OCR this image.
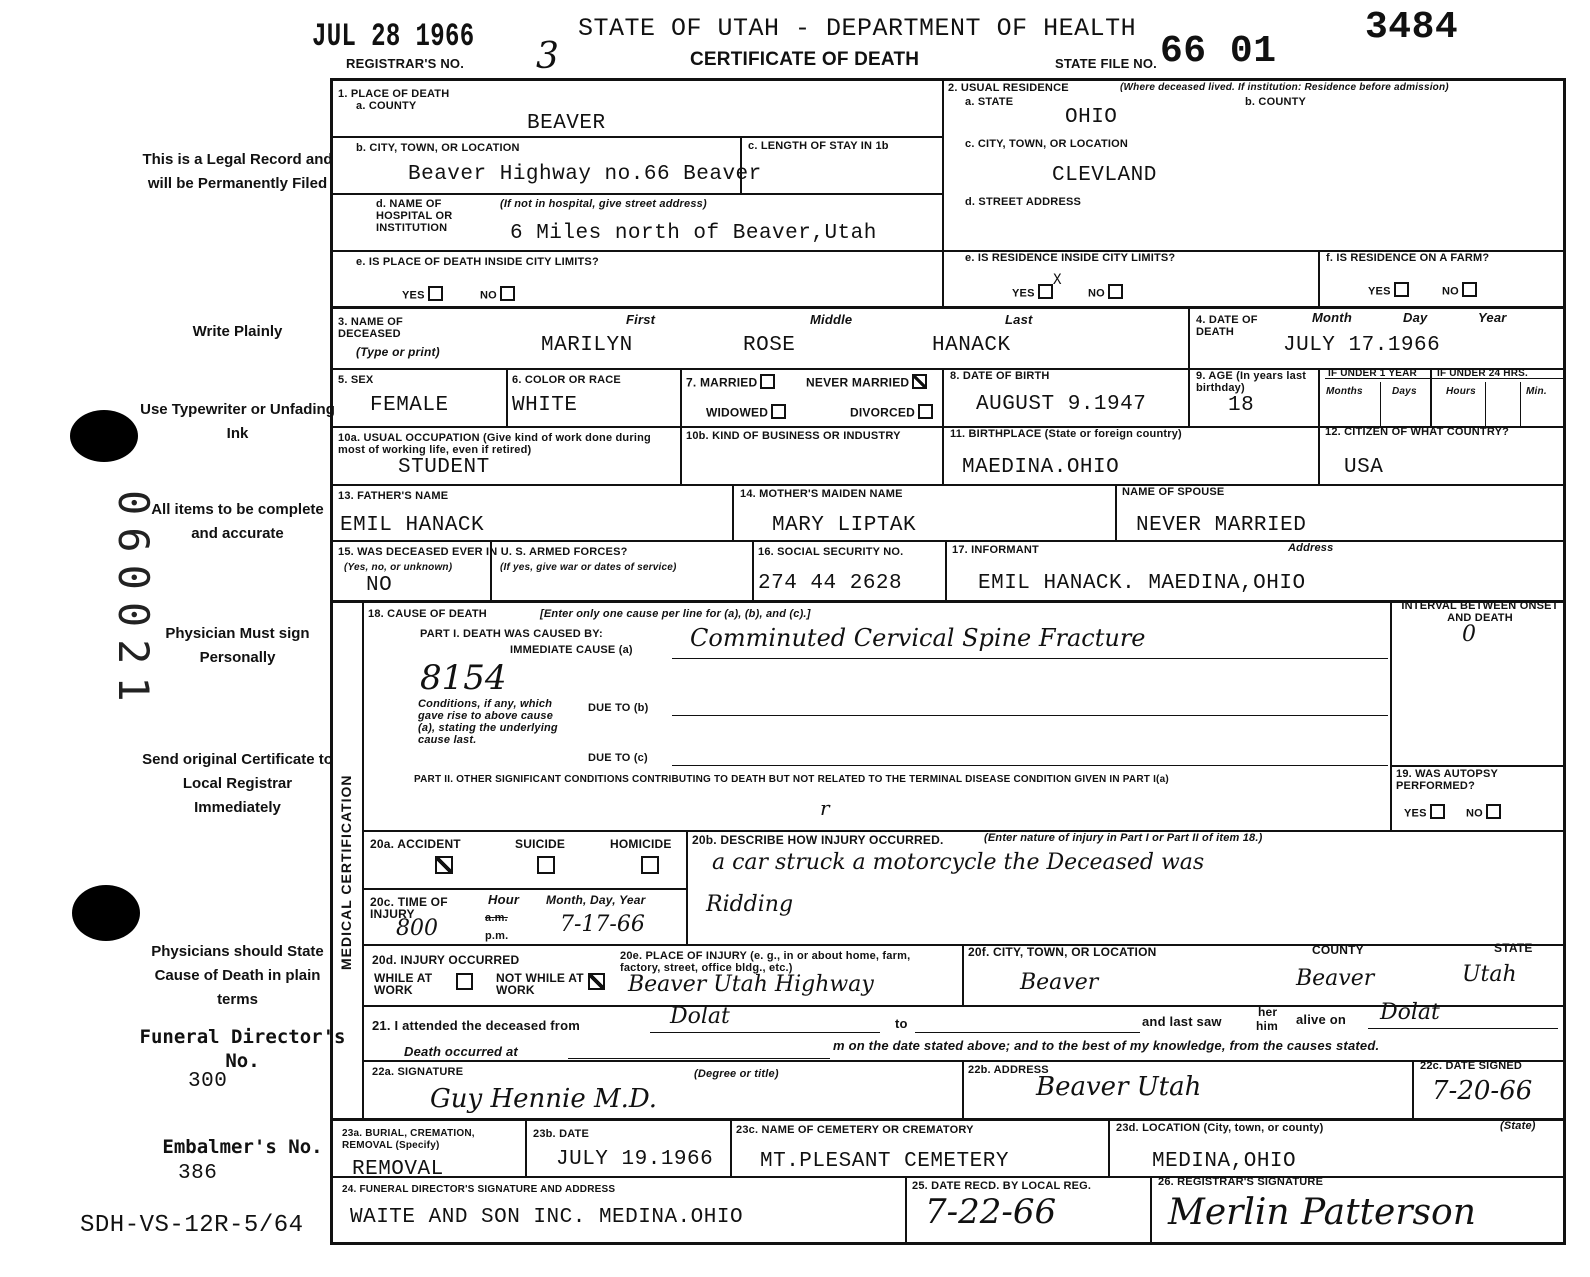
This is a Legal Record and will be Permanently Filed
Write Plainly
Use Typewriter or Unfading Ink
All items to be complete and accurate
Physician Must sign Personally
Send original Certificate to Local Registrar Immediately
Physicians should State Cause of Death in plain terms
Funeral Director's No.
300
Embalmer's No.
386
SDH-VS-12R-5/64
060021
JUL 28 1966
REGISTRAR'S NO. 3
STATE OF UTAH - DEPARTMENT OF HEALTH
CERTIFICATE OF DEATH	STATE FILE NO. 66 01
3484
1. PLACE OF DEATH
a. COUNTY
BEAVER
b. CITY, TOWN, OR LOCATION
Beaver Highway no.66 Beaver
c. LENGTH OF STAY IN 1b
d. NAME OF HOSPITAL OR INSTITUTION
(If not in hospital, give street address)
6 Miles north of Beaver,Utah
e. IS PLACE OF DEATH INSIDE CITY LIMITS?
YES	NO
2. USUAL RESIDENCE	(Where deceased lived. If institution: Residence before admission)
a. STATE
OHIO
b. COUNTY
c. CITY, TOWN, OR LOCATION
CLEVLAND
d. STREET ADDRESS
e. IS RESIDENCE INSIDE CITY LIMITS?
YES
X
NO
f. IS RESIDENCE ON A FARM?
YES	NO
3. NAME OF DECEASED
(Type or print)
First	Middle	Last
MARILYN	ROSE	HANACK
4. DATE OF DEATH
Month	Day	Year
JULY 17.1966
5. SEX
FEMALE
6. COLOR OR RACE
WHITE
7. MARRIED	NEVER MARRIED
WIDOWED	DIVORCED
8. DATE OF BIRTH
AUGUST 9.1947
9. AGE (In years last birthday)
18
IF UNDER 1 YEAR IF UNDER 24 HRS.
Months	Days	Hours	Min.
10a. USUAL OCCUPATION (Give kind of work done during most of working life, even if retired)
STUDENT
10b. KIND OF BUSINESS OR INDUSTRY	11. BIRTHPLACE (State or foreign country)
MAEDINA.OHIO
12. CITIZEN OF WHAT COUNTRY?
USA
13. FATHER'S NAME
EMIL HANACK
14. MOTHER'S MAIDEN NAME
MARY LIPTAK
NAME OF SPOUSE
NEVER MARRIED
15. WAS DECEASED EVER IN U. S. ARMED FORCES?
(Yes, no, or unknown)	(If yes, give war or dates of service)
NO
16. SOCIAL SECURITY NO.
274 44 2628
17. INFORMANT	Address
EMIL HANACK. MAEDINA,OHIO
MEDICAL CERTIFICATION
18. CAUSE OF DEATH	[Enter only one cause per line for (a), (b), and (c).]
PART I. DEATH WAS CAUSED BY:
IMMEDIATE CAUSE (a) Comminuted Cervical Spine Fracture
8154
Conditions, if any, which gave rise to above cause (a), stating the underlying cause last.
DUE TO (b)
DUE TO (c)
INTERVAL BETWEEN ONSET AND DEATH
0
PART II. OTHER SIGNIFICANT CONDITIONS CONTRIBUTING TO DEATH BUT NOT RELATED TO THE TERMINAL DISEASE CONDITION GIVEN IN PART I(a)
r
19. WAS AUTOPSY PERFORMED?
YES	NO
20a. ACCIDENT	SUICIDE	HOMICIDE 20b. DESCRIBE HOW INJURY OCCURRED.	(Enter nature of injury in Part I or Part II of item 18.)
a car struck a motorcycle the Deceased was
Ridding
20c. TIME OF INJURY
Hour
a.m.
p.m.
Month, Day, Year
800	7-17-66
20d. INJURY OCCURRED
WHILE AT WORK
NOT WHILE AT WORK
20e. PLACE OF INJURY (e. g., in or about home, farm, factory, street, office bldg., etc.)
Beaver Utah Highway
20f. CITY, TOWN, OR LOCATION	COUNTY	STATE
Beaver	Beaver	Utah
21. I attended the deceased from	Dolat	to	and last saw
her
him alive on Dolat
Death occurred at	m on the date stated above; and to the best of my knowledge, from the causes stated.
22a. SIGNATURE	(Degree or title)
Guy Hennie M.D.
22b. ADDRESS
Beaver Utah
22c. DATE SIGNED
7-20-66
23a. BURIAL, CREMATION, REMOVAL (Specify)
REMOVAL
23b. DATE
JULY 19.1966
23c. NAME OF CEMETERY OR CREMATORY
MT.PLESANT CEMETERY
23d. LOCATION (City, town, or county)	(State)
MEDINA,OHIO
24. FUNERAL DIRECTOR'S SIGNATURE AND ADDRESS
WAITE AND SON INC. MEDINA.OHIO
25. DATE RECD. BY LOCAL REG.
7-22-66
26. REGISTRAR'S SIGNATURE
Merlin Patterson
